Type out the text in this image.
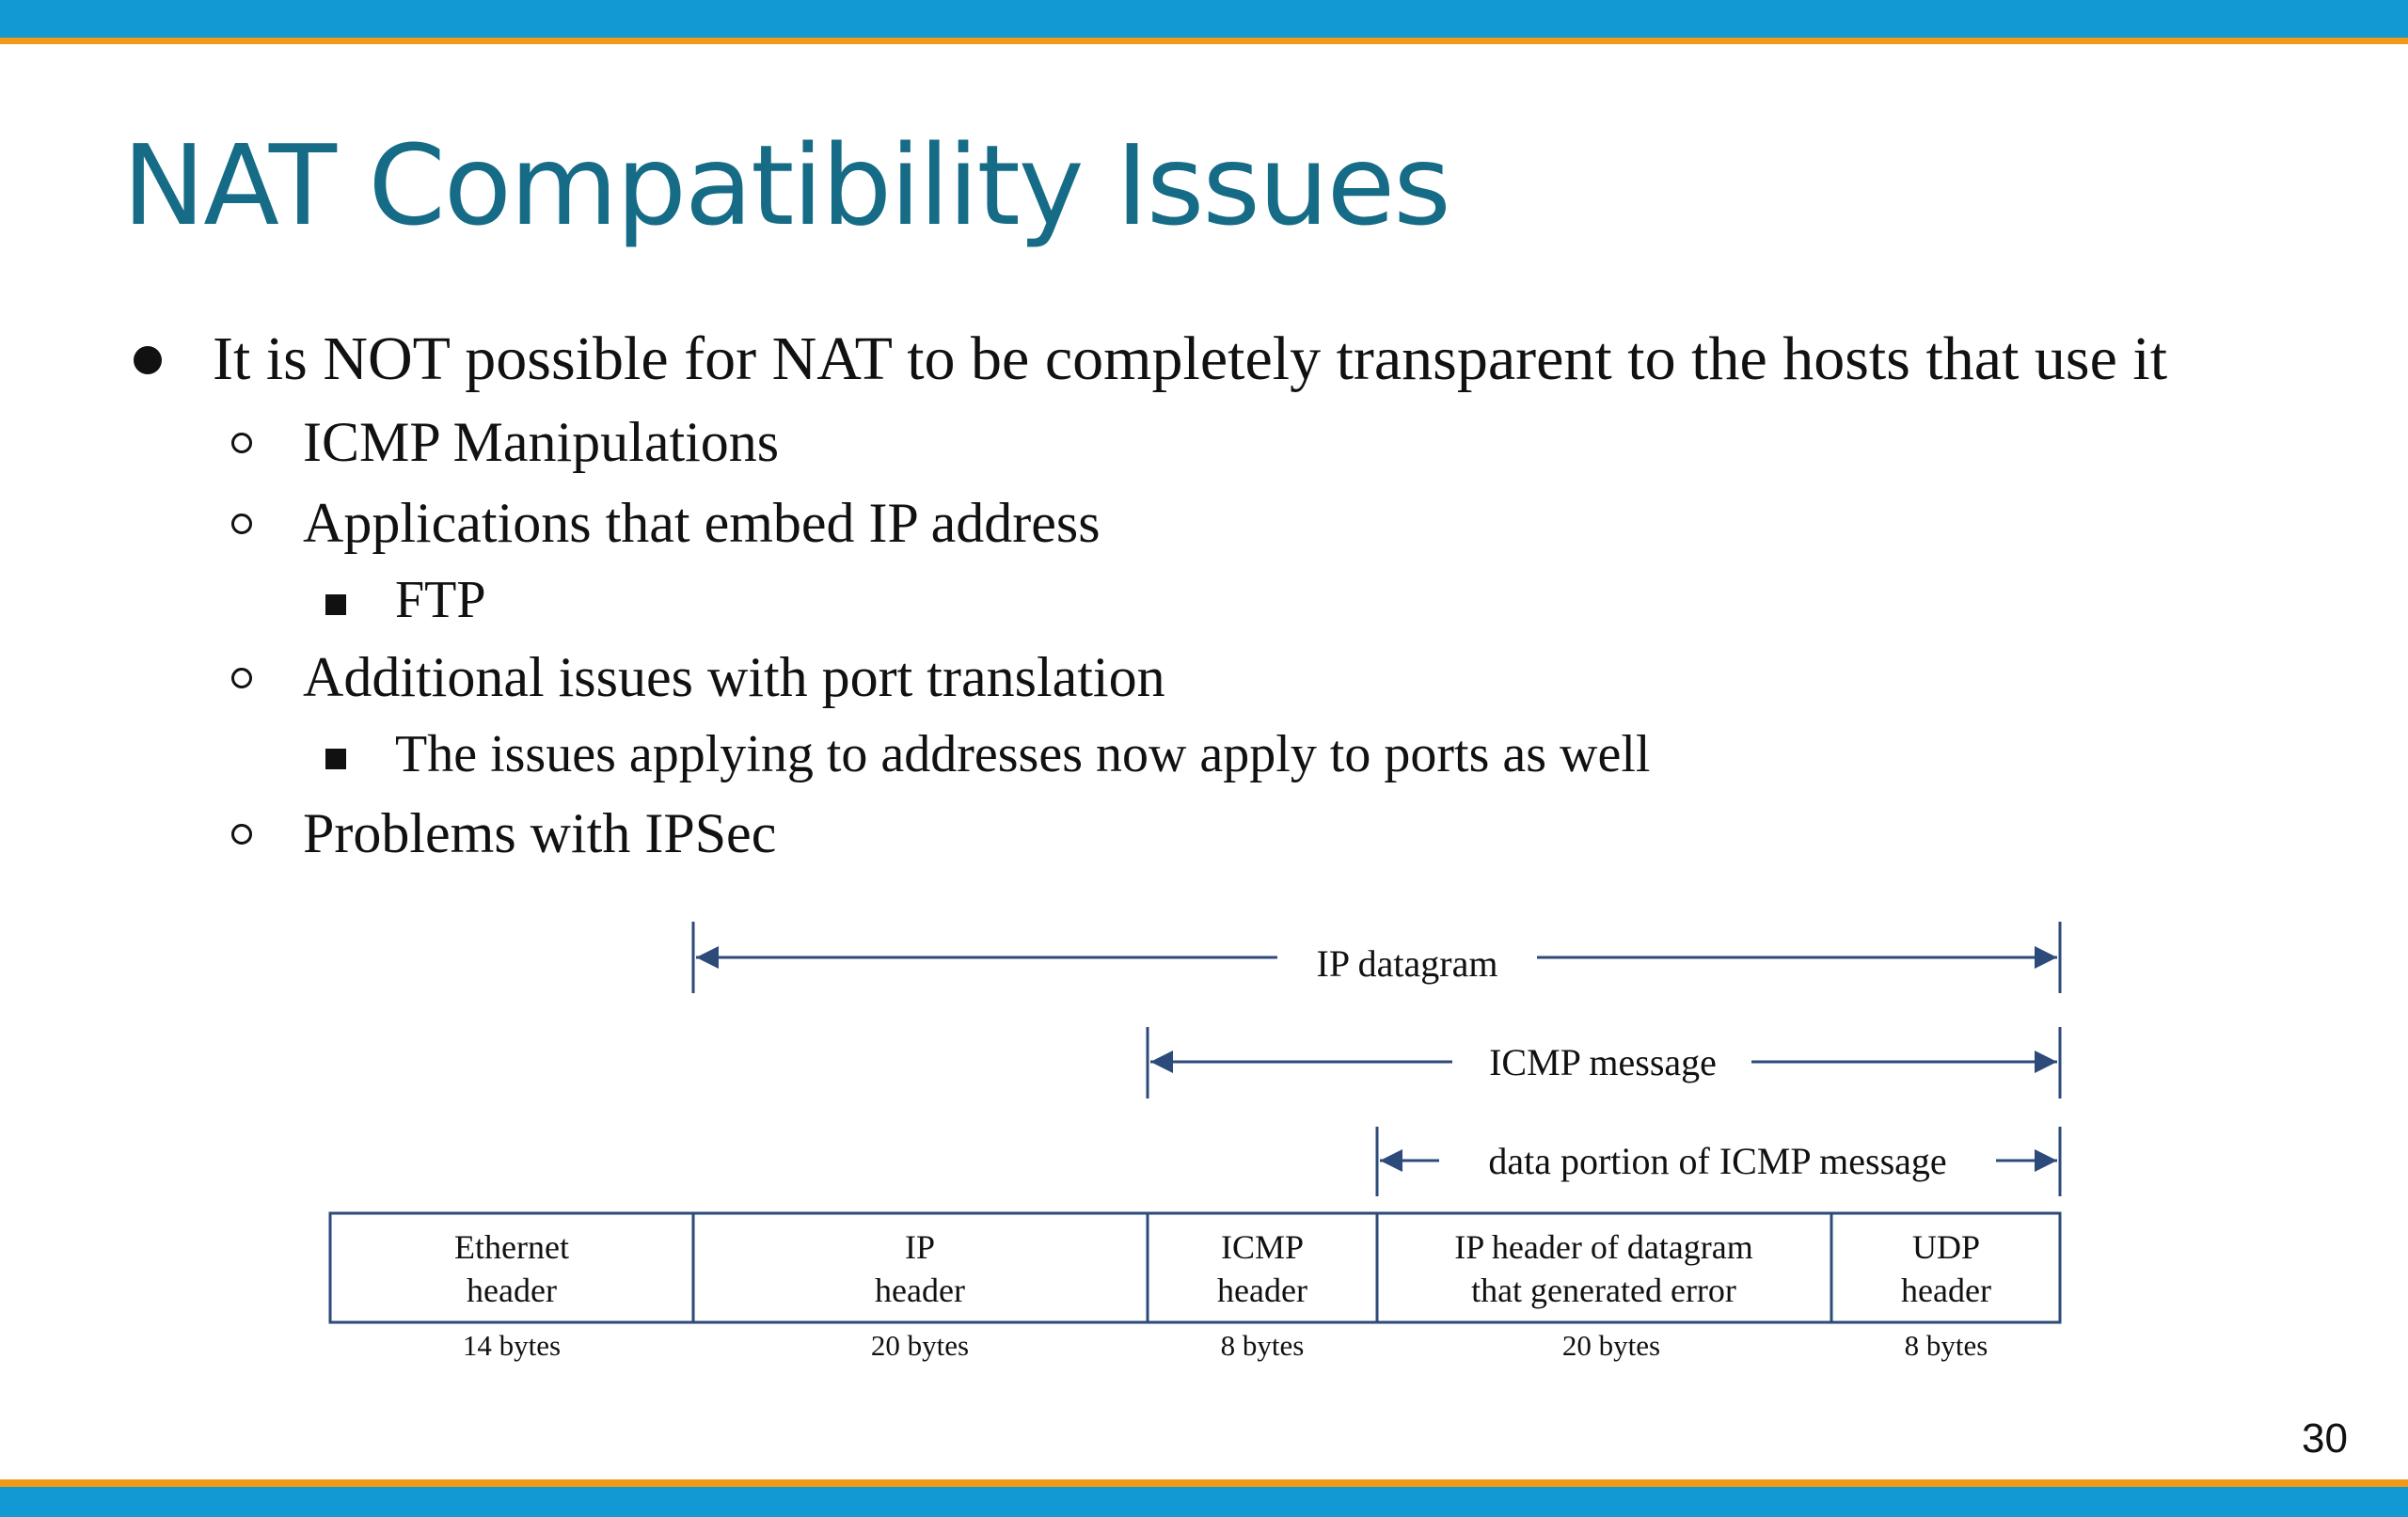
NAT Compatibility Issues
It is NOT possible for NAT to be completely transparent to the hosts that use it
ICMP Manipulations
Applications that embed IP address
FTP
Additional issues with port translation
The issues applying to addresses now apply to ports as well
Problems with IPSec
IP datagram
ICMP message
data portion of ICMP message
Ethernet
header
14 bytes
IP
header
20 bytes
ICMP
header
8 bytes
IP header of datagram
that generated error
20 bytes
UDP
header
8 bytes
30
